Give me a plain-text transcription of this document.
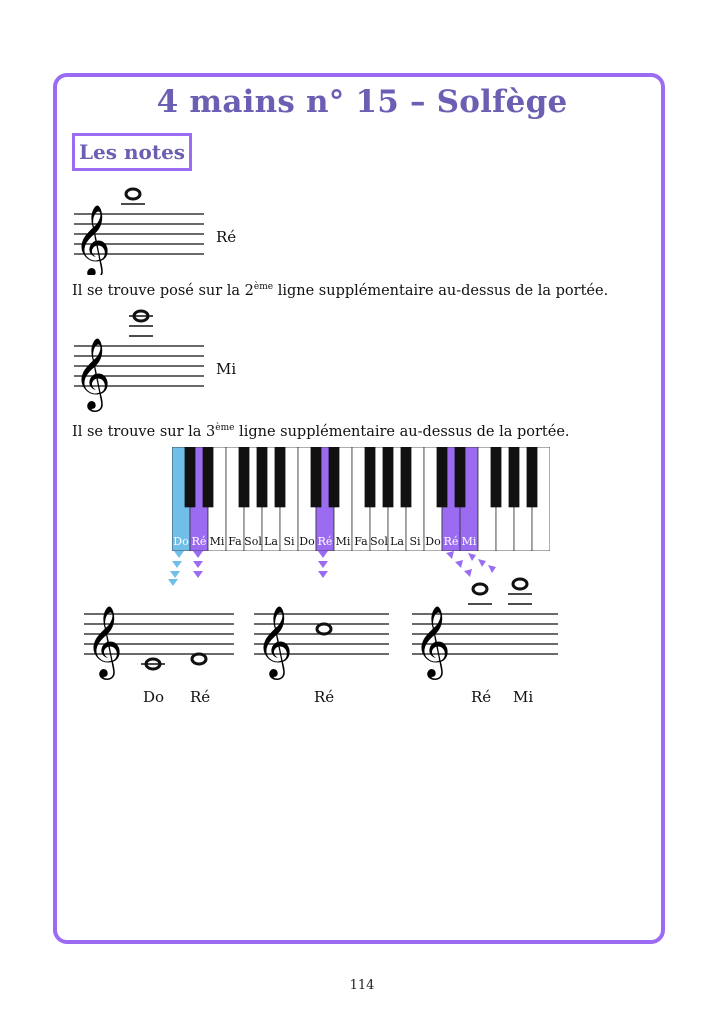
4 mains n° 15 – Solfège
Les notes
𝄞	Ré
Il se trouve posé sur la 2ème ligne supplémentaire au-dessus de la portée.
𝄞	Mi
Il se trouve sur la 3ème ligne supplémentaire au-dessus de la portée.
Do Ré Mi Fa Sol La Si Do Ré Mi Fa Sol La Si Do Ré Mi
𝄞
Do Ré
𝄞
Ré
𝄞
Ré Mi
114
